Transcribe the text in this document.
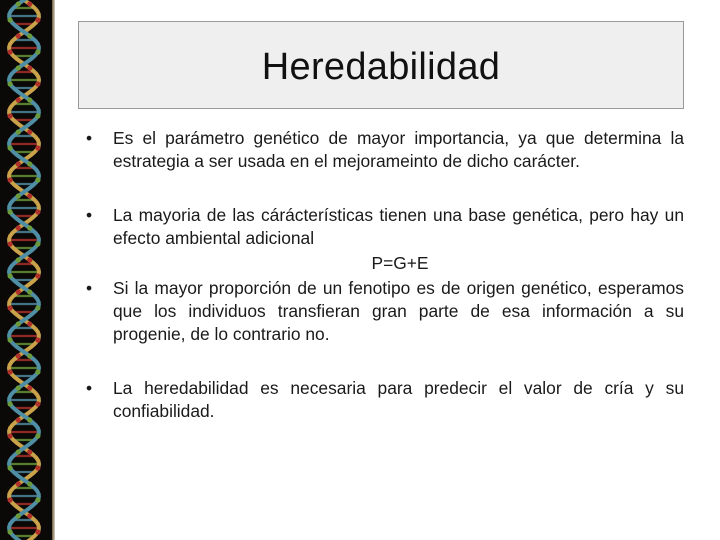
Heredabilidad
• Es el parámetro genético de mayor importancia, ya que determina la estrategia a ser usada en el mejorameinto de dicho carácter.
• La mayoria de las cárácterísticas tienen una base genética, pero hay un efecto ambiental adicional
P=G+E
• Si la mayor proporción de un fenotipo es de origen genético, esperamos que los individuos transfieran gran parte de esa información a su progenie, de lo contrario no.
• La heredabilidad es necesaria para predecir el valor de cría y su confiabilidad.
